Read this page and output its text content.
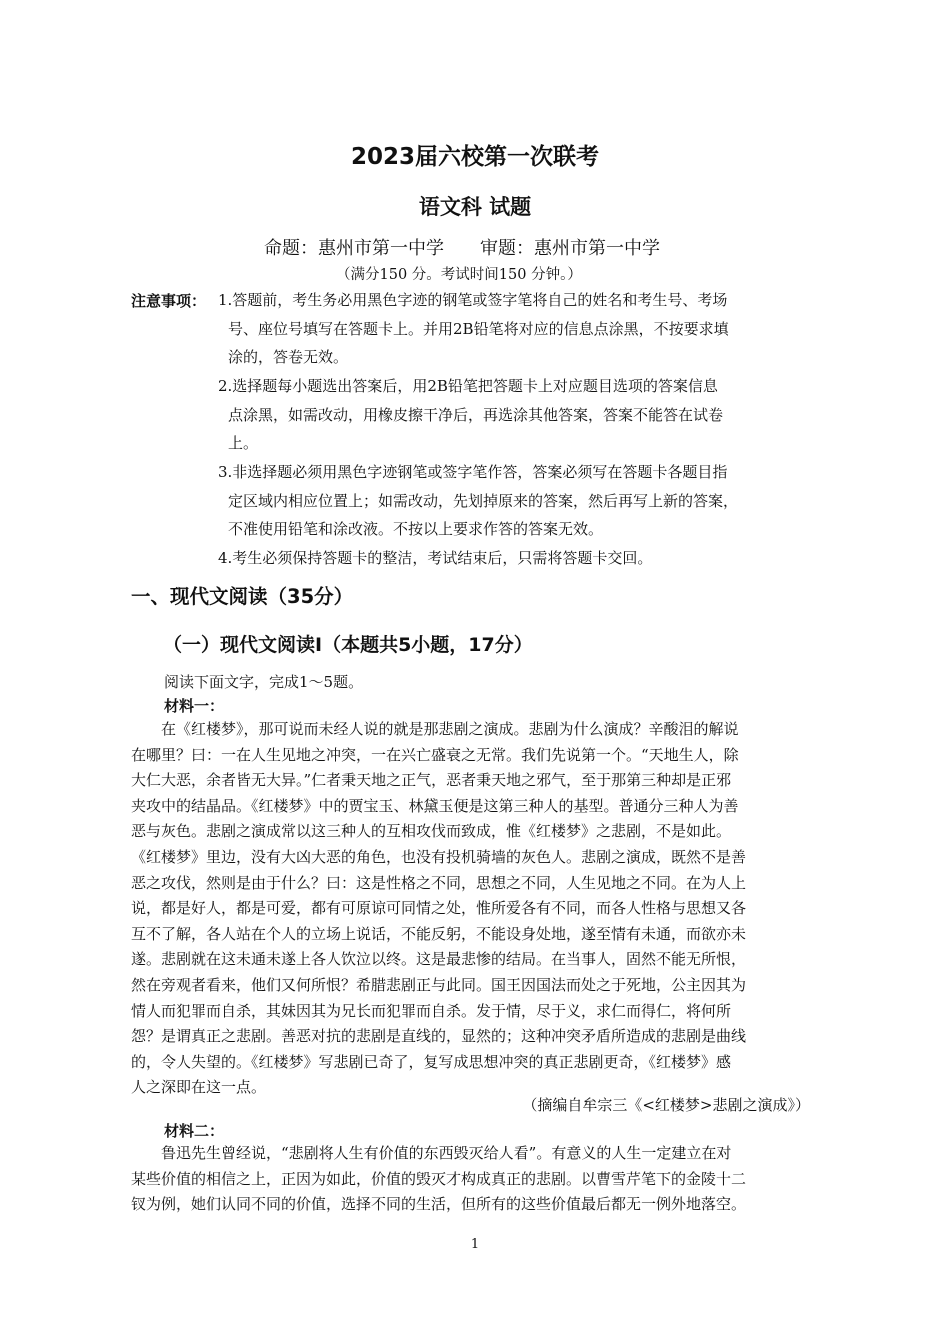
2023届六校第一次联考
语文科 试题
命题：惠州市第一中学 审题：惠州市第一中学
（满分150 分。考试时间150 分钟。）
注意事项： 1.答题前，考生务必用黑色字迹的钢笔或签字笔将自己的姓名和考生号、考场
号、座位号填写在答题卡上。并用2B铅笔将对应的信息点涂黑，不按要求填
涂的，答卷无效。
2.选择题每小题选出答案后，用2B铅笔把答题卡上对应题目选项的答案信息
点涂黑，如需改动，用橡皮擦干净后，再选涂其他答案，答案不能答在试卷
上。
3.非选择题必须用黑色字迹钢笔或签字笔作答，答案必须写在答题卡各题目指
定区域内相应位置上；如需改动，先划掉原来的答案，然后再写上新的答案，
不准使用铅笔和涂改液。不按以上要求作答的答案无效。
4.考生必须保持答题卡的整洁，考试结束后，只需将答题卡交回。
一、现代文阅读（35分）
（一）现代文阅读Ⅰ（本题共5小题，17分）
阅读下面文字，完成1～5题。
材料一：
　　在《红楼梦》，那可说而未经人说的就是那悲剧之演成。悲剧为什么演成？辛酸泪的解说
在哪里？曰：一在人生见地之冲突，一在兴亡盛衰之无常。我们先说第一个。“天地生人，除
大仁大恶，余者皆无大异。”仁者秉天地之正气，恶者秉天地之邪气，至于那第三种却是正邪
夹攻中的结晶品。《红楼梦》中的贾宝玉、林黛玉便是这第三种人的基型。普通分三种人为善
恶与灰色。悲剧之演成常以这三种人的互相攻伐而致成，惟《红楼梦》之悲剧，不是如此。
《红楼梦》里边，没有大凶大恶的角色，也没有投机骑墙的灰色人。悲剧之演成，既然不是善
恶之攻伐，然则是由于什么？曰：这是性格之不同，思想之不同，人生见地之不同。在为人上
说，都是好人，都是可爱，都有可原谅可同情之处，惟所爱各有不同，而各人性格与思想又各
互不了解，各人站在个人的立场上说话，不能反躬，不能设身处地，遂至情有未通，而欲亦未
遂。悲剧就在这未通未遂上各人饮泣以终。这是最悲惨的结局。在当事人，固然不能无所恨，
然在旁观者看来，他们又何所恨？希腊悲剧正与此同。国王因国法而处之于死地，公主因其为
情人而犯罪而自杀，其妹因其为兄长而犯罪而自杀。发于情，尽于义，求仁而得仁，将何所
怨？是谓真正之悲剧。善恶对抗的悲剧是直线的，显然的；这种冲突矛盾所造成的悲剧是曲线
的，令人失望的。《红楼梦》写悲剧已奇了，复写成思想冲突的真正悲剧更奇，《红楼梦》感
人之深即在这一点。
（摘编自牟宗三《<红楼梦>悲剧之演成》）
材料二：
　　鲁迅先生曾经说，“悲剧将人生有价值的东西毁灭给人看”。有意义的人生一定建立在对
某些价值的相信之上，正因为如此，价值的毁灭才构成真正的悲剧。以曹雪芹笔下的金陵十二
钗为例，她们认同不同的价值，选择不同的生活，但所有的这些价值最后都无一例外地落空。
1
